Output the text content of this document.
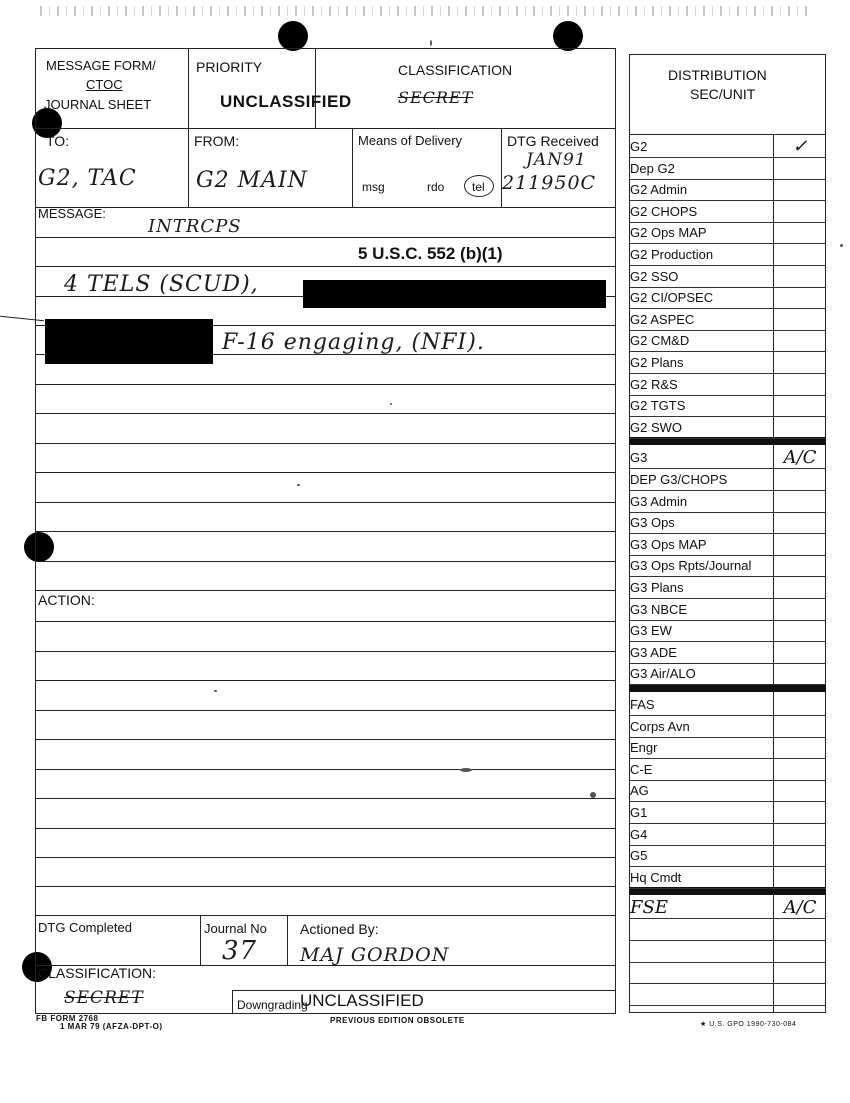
MESSAGE FORM/
CTOC
JOURNAL SHEET
PRIORITY
UNCLASSIFIED
CLASSIFICATION
SECRET
TO:
G2, TAC
FROM:
G2 MAIN
Means of Delivery
msg	rdo tel
DTG Received
JAN91
211950C
MESSAGE:
INTRCPS
5 U.S.C. 552 (b)(1)
4 TELS (SCUD),
F-16 engaging, (NFI).
ACTION:
DTG Completed	Journal No
37
Actioned By:
MAJ GORDON
CLASSIFICATION:
SECRET	Downgrading
UNCLASSIFIED
FB FORM 2768
1 MAR 79 (AFZA-DPT-O)
PREVIOUS EDITION OBSOLETE	★ U.S. GPO 1990-730-084
DISTRIBUTION
SEC/UNIT
G2	✓
Dep G2
G2 Admin
G2 CHOPS
G2 Ops MAP
G2 Production
G2 SSO
G2 CI/OPSEC
G2 ASPEC
G2 CM&D
G2 Plans
G2 R&S
G2 TGTS
G2 SWO
G3	A/C
DEP G3/CHOPS
G3 Admin
G3 Ops
G3 Ops MAP
G3 Ops Rpts/Journal
G3 Plans
G3 NBCE
G3 EW
G3 ADE
G3 Air/ALO
FAS
Corps Avn
Engr
C-E
AG
G1
G4
G5
Hq Cmdt
FSE	A/C
